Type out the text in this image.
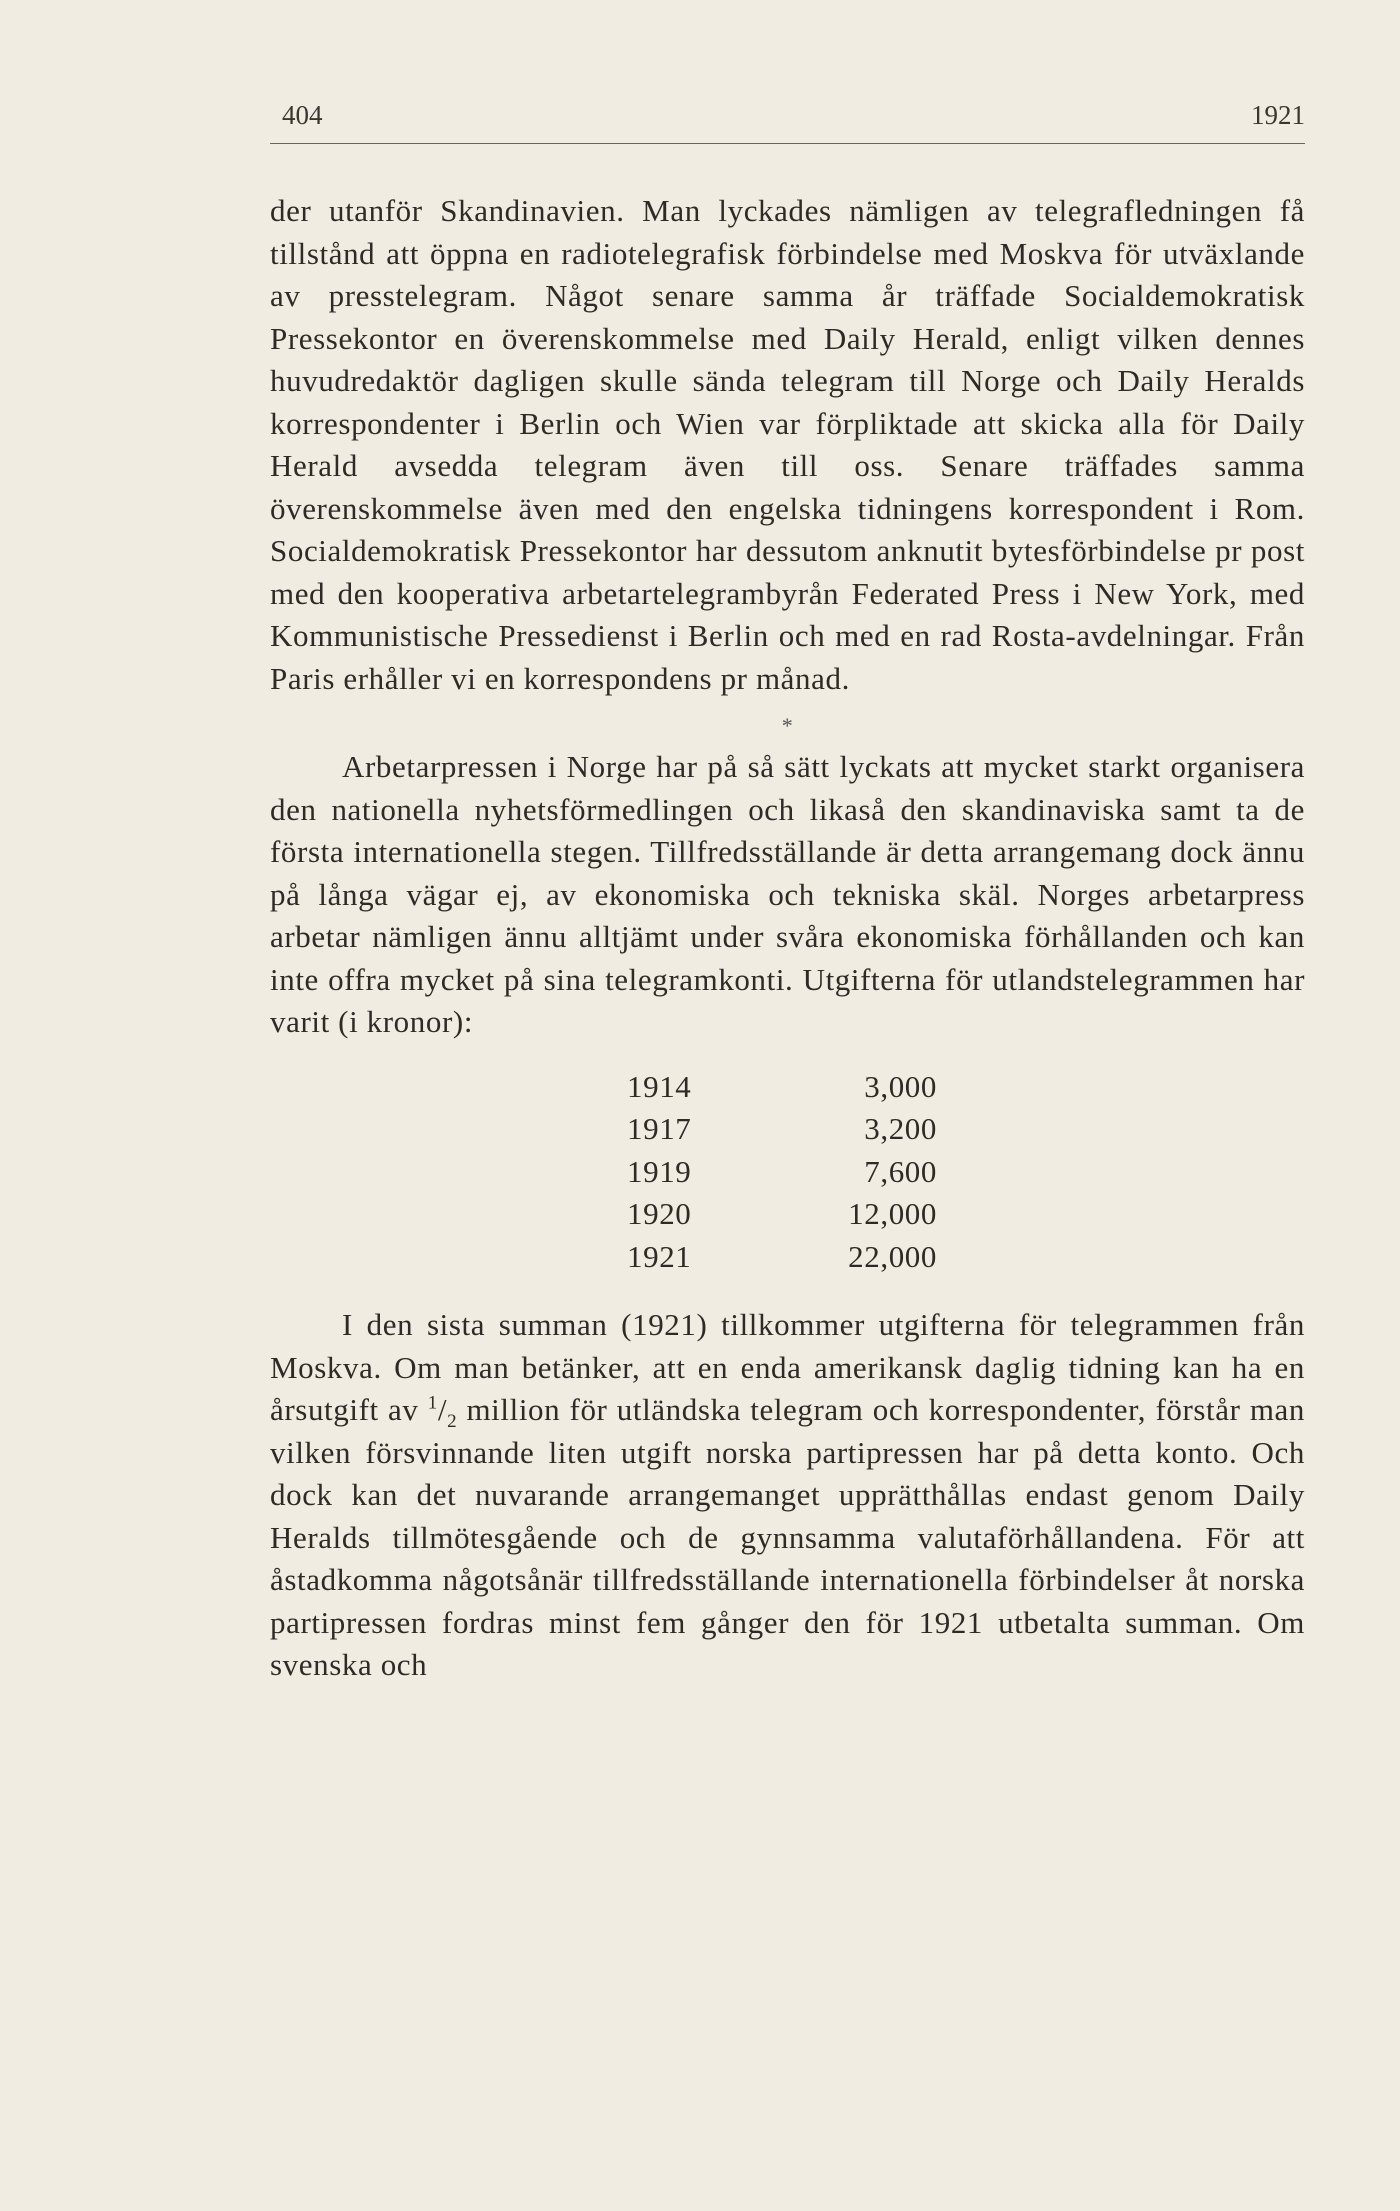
404	1921

der utanför Skandinavien. Man lyckades nämligen av telegrafledningen få tillstånd att öppna en radiotelegrafisk förbindelse med Moskva för utväxlande av presstelegram. Något senare samma år träffade Socialdemokratisk Pressekontor en överenskommelse med Daily Herald, enligt vilken dennes huvudredaktör dagligen skulle sända telegram till Norge och Daily Heralds korrespondenter i Berlin och Wien var förpliktade att skicka alla för Daily Herald avsedda telegram även till oss. Senare träffades samma överenskommelse även med den engelska tidningens korrespondent i Rom. Socialdemokratisk Pressekontor har dessutom anknutit bytesförbindelse pr post med den kooperativa arbetartelegrambyrån Federated Press i New York, med Kommunistische Pressedienst i Berlin och med en rad Rosta-avdelningar. Från Paris erhåller vi en korrespondens pr månad.

*

Arbetarpressen i Norge har på så sätt lyckats att mycket starkt organisera den nationella nyhetsförmedlingen och likaså den skandinaviska samt ta de första internationella stegen. Tillfredsställande är detta arrangemang dock ännu på långa vägar ej, av ekonomiska och tekniska skäl. Norges arbetarpress arbetar nämligen ännu alltjämt under svåra ekonomiska förhållanden och kan inte offra mycket på sina telegramkonti. Utgifterna för utlandstelegrammen har varit (i kronor):

1914	3,000
1917	3,200
1919	7,600
1920	12,000
1921	22,000

I den sista summan (1921) tillkommer utgifterna för telegrammen från Moskva. Om man betänker, att en enda amerikansk daglig tidning kan ha en årsutgift av $^1/_2$ million för utländska telegram och korrespondenter, förstår man vilken försvinnande liten utgift norska partipressen har på detta konto. Och dock kan det nuvarande arrangemanget upprätthållas endast genom Daily Heralds tillmötesgående och de gynnsamma valutaförhållandena. För att åstadkomma någotsånär tillfredsställande internationella förbindelser åt norska partipressen fordras minst fem gånger den för 1921 utbetalta summan. Om svenska och
